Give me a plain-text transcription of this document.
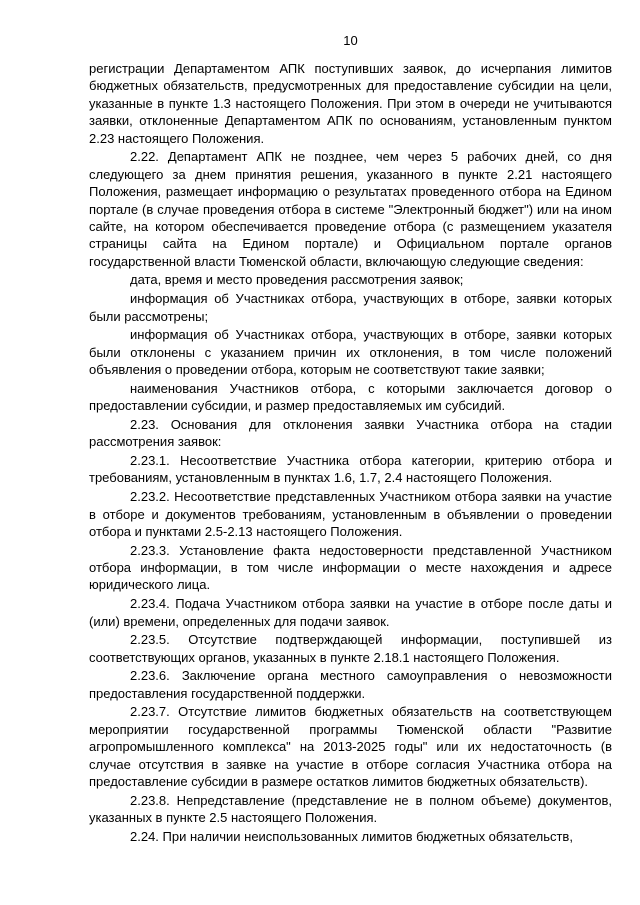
10

регистрации Департаментом АПК поступивших заявок, до исчерпания лимитов бюджетных обязательств, предусмотренных для предоставление субсидии на цели, указанные в пункте 1.3 настоящего Положения. При этом в очереди не учитываются заявки, отклоненные Департаментом АПК по основаниям, установленным пунктом 2.23 настоящего Положения.

2.22. Департамент АПК не позднее, чем через 5 рабочих дней, со дня следующего за днем принятия решения, указанного в пункте 2.21 настоящего Положения, размещает информацию о результатах проведенного отбора на Едином портале (в случае проведения отбора в системе "Электронный бюджет") или на ином сайте, на котором обеспечивается проведение отбора (с размещением указателя страницы сайта на Едином портале) и Официальном портале органов государственной власти Тюменской области, включающую следующие сведения:

дата, время и место проведения рассмотрения заявок;

информация об Участниках отбора, участвующих в отборе, заявки которых были рассмотрены;

информация об Участниках отбора, участвующих в отборе, заявки которых были отклонены с указанием причин их отклонения, в том числе положений объявления о проведении отбора, которым не соответствуют такие заявки;

наименования Участников отбора, с которыми заключается договор о предоставлении субсидии, и размер предоставляемых им субсидий.

2.23. Основания для отклонения заявки Участника отбора на стадии рассмотрения заявок:

2.23.1. Несоответствие Участника отбора категории, критерию отбора и требованиям, установленным в пунктах 1.6, 1.7, 2.4 настоящего Положения.

2.23.2. Несоответствие представленных Участником отбора заявки на участие в отборе и документов требованиям, установленным в объявлении о проведении отбора и пунктами 2.5-2.13 настоящего Положения.

2.23.3. Установление факта недостоверности представленной Участником отбора информации, в том числе информации о месте нахождения и адресе юридического лица.

2.23.4. Подача Участником отбора заявки на участие в отборе после даты и (или) времени, определенных для подачи заявок.

2.23.5. Отсутствие подтверждающей информации, поступившей из соответствующих органов, указанных в пункте 2.18.1 настоящего Положения.

2.23.6. Заключение органа местного самоуправления о невозможности предоставления государственной поддержки.

2.23.7. Отсутствие лимитов бюджетных обязательств на соответствующем мероприятии государственной программы Тюменской области "Развитие агропромышленного комплекса" на 2013-2025 годы" или их недостаточность (в случае отсутствия в заявке на участие в отборе согласия Участника отбора на предоставление субсидии в размере остатков лимитов бюджетных обязательств).

2.23.8. Непредставление (представление не в полном объеме) документов, указанных в пункте 2.5 настоящего Положения.

2.24. При наличии неиспользованных лимитов бюджетных обязательств,
